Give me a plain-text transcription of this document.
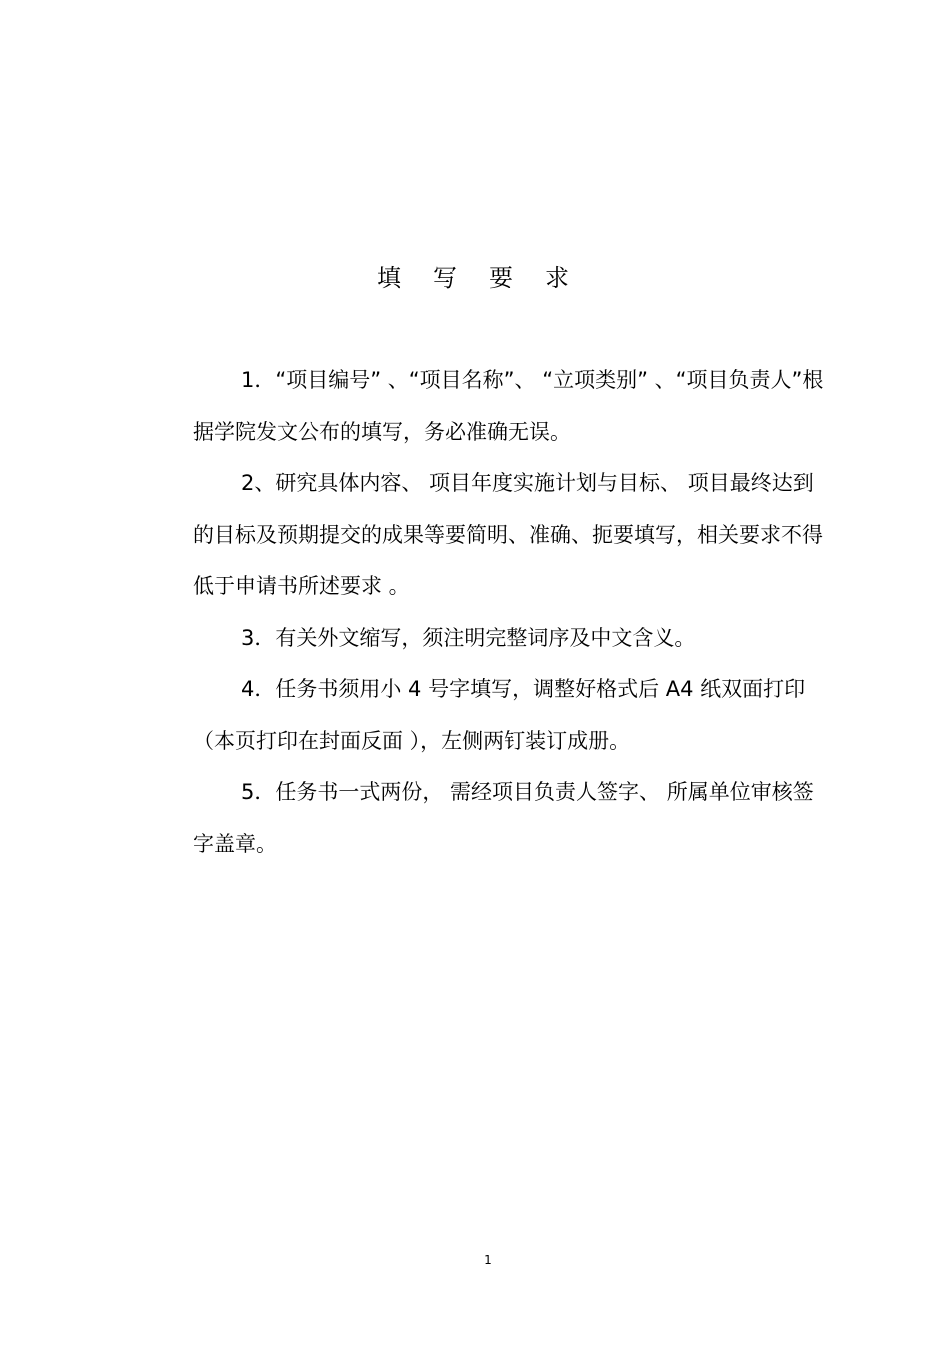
填写要求

1．“项目编号” 、“项目名称”、 “立项类别” 、“项目负责人”根据学院发文公布的填写，务必准确无误。

2、研究具体内容、 项目年度实施计划与目标、 项目最终达到的目标及预期提交的成果等要简明、准确、扼要填写，相关要求不得低于申请书所述要求 。

3．有关外文缩写，须注明完整词序及中文含义。

4．任务书须用小 4 号字填写，调整好格式后 A4 纸双面打印（本页打印在封面反面 ），左侧两钉装订成册。

5．任务书一式两份， 需经项目负责人签字、 所属单位审核签字盖章。

1
